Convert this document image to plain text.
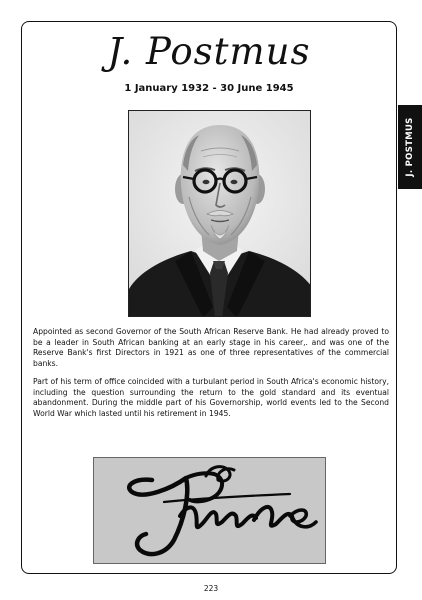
J. Postmus
1 January 1932 - 30 June 1945

Appointed as second Governor of the South African Reserve Bank. He had already proved to be a leader in South African banking at an early stage in his career,. and was one of the Reserve Bank's first Directors in 1921 as one of three representatives of the commercial banks.

Part of his term of office coincided with a turbulant period in South Africa's economic history, including the question surrounding the return to the gold standard and its eventual abandonment. During the middle part of his Governorship, world events led to the Second World War which lasted until his retirement in 1945.

J. POSTMUS
223
